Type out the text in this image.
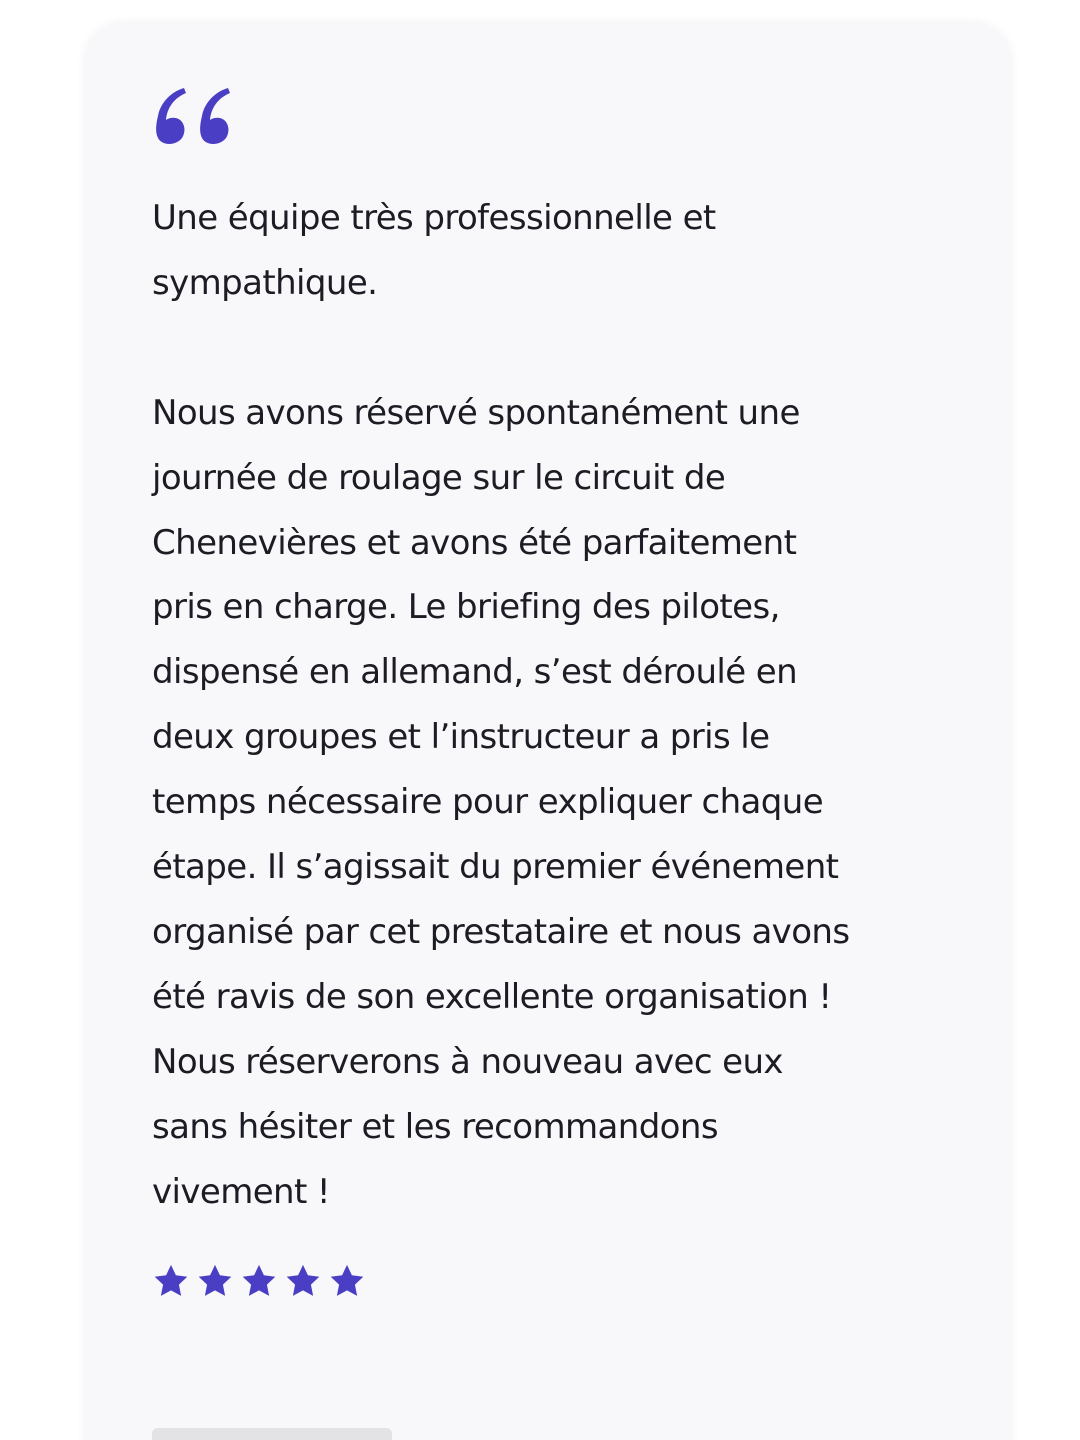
Une équipe très professionnelle et
sympathique.

Nous avons réservé spontanément une
journée de roulage sur le circuit de
Chenevières et avons été parfaitement
pris en charge. Le briefing des pilotes,
dispensé en allemand, s’est déroulé en
deux groupes et l’instructeur a pris le
temps nécessaire pour expliquer chaque
étape. Il s’agissait du premier événement
organisé par cet prestataire et nous avons
été ravis de son excellente organisation !
Nous réserverons à nouveau avec eux
sans hésiter et les recommandons
vivement !
